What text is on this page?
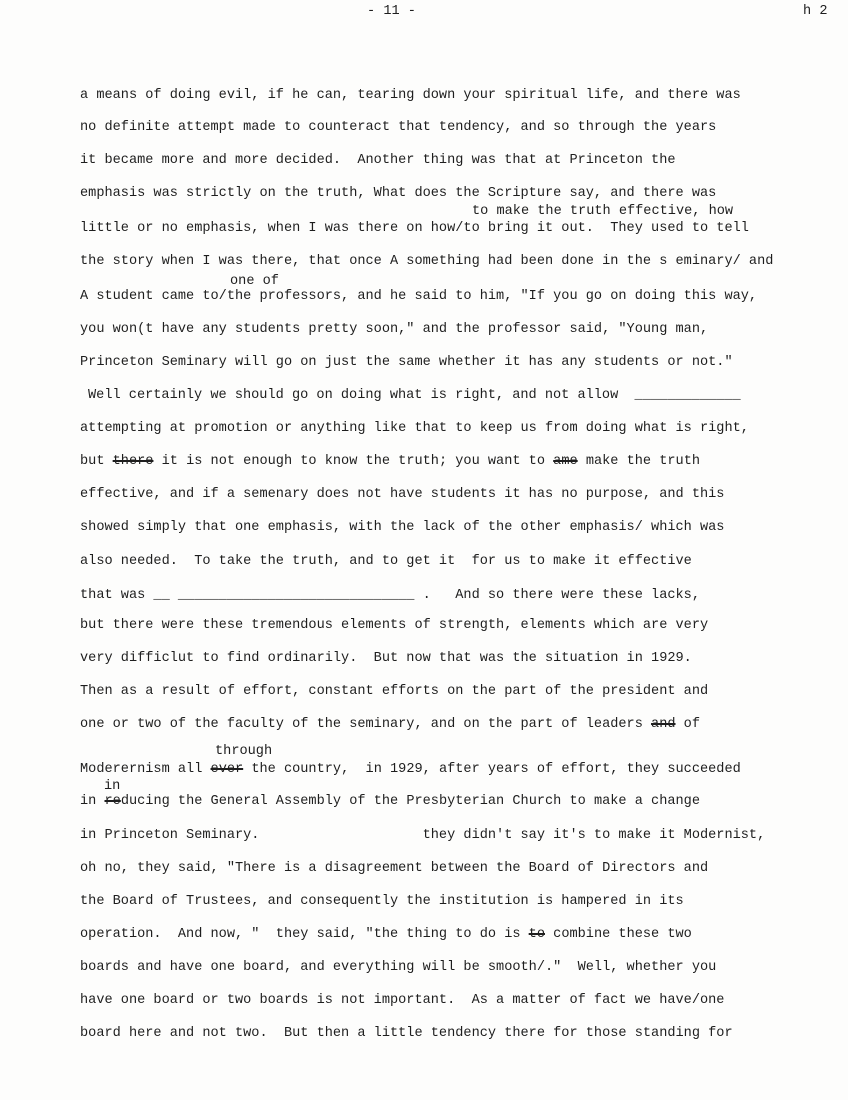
- 11 -	h 2
a means of doing evil, if he can, tearing down your spiritual life, and there was
no definite attempt made to counteract that tendency, and so through the years
it became more and more decided.  Another thing was that at Princeton the
emphasis was strictly on the truth, What does the Scripture say, and there was
to make the truth effective, how
little or no emphasis, when I was there on how/to bring it out.  They used to tell
the story when I was there, that once A something had been done in the s eminary/ and
one of
A student came to/the professors, and he said to him, "If you go on doing this way,
you won(t have any students pretty soon," and the professor said, "Young man,
Princeton Seminary will go on just the same whether it has any students or not."
Well certainly we should go on doing what is right, and not allow  _____________
attempting at promotion or anything like that to keep us from doing what is right,
but there it is not enough to know the truth; you want to ame make the truth
effective, and if a semenary does not have students it has no purpose, and this
showed simply that one emphasis, with the lack of the other emphasis/ which was
also needed.  To take the truth, and to get it  for us to make it effective
that was __ _____________________________ .   And so there were these lacks,
but there were these tremendous elements of strength, elements which are very
very difficlut to find ordinarily.  But now that was the situation in 1929.
Then as a result of effort, constant efforts on the part of the president and
one or two of the faculty of the seminary, and on the part of leaders and of
through
Moderernism all ever the country,  in 1929, after years of effort, they succeeded
in
in reducing the General Assembly of the Presbyterian Church to make a change
in Princeton Seminary.                    they didn't say it's to make it Modernist,
oh no, they said, "There is a disagreement between the Board of Directors and
the Board of Trustees, and consequently the institution is hampered in its
operation.  And now, "  they said, "the thing to do is to combine these two
boards and have one board, and everything will be smooth/."  Well, whether you
have one board or two boards is not important.  As a matter of fact we have/one
board here and not two.  But then a little tendency there for those standing for
